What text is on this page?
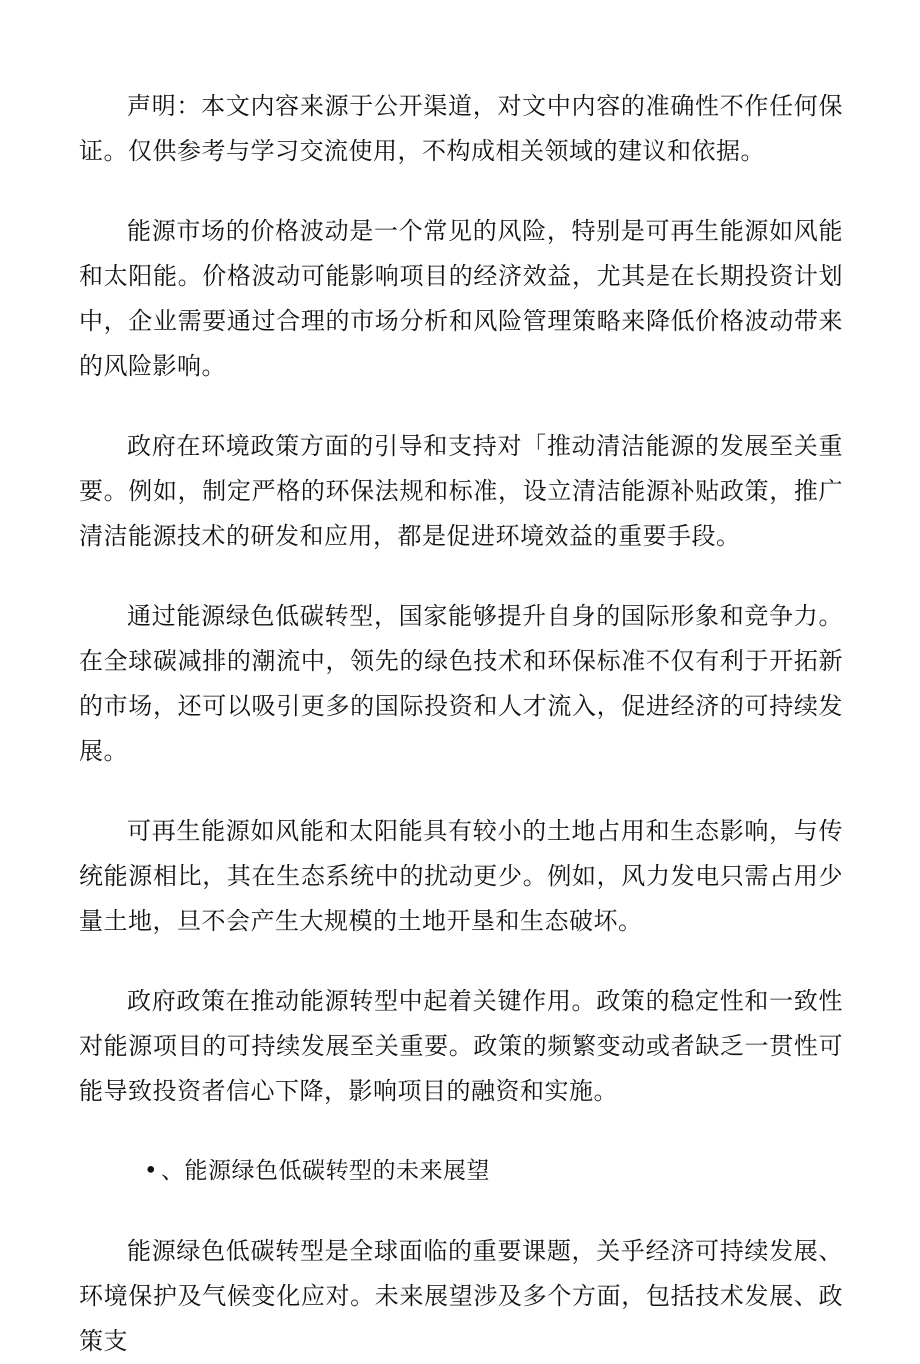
声明：本文内容来源于公开渠道，对文中内容的准确性不作任何保证。仅供参考与学习交流使用，不构成相关领域的建议和依据。

能源市场的价格波动是一个常见的风险，特别是可再生能源如风能和太阳能。价格波动可能影响项目的经济效益，尤其是在长期投资计划中，企业需要通过合理的市场分析和风险管理策略来降低价格波动带来的风险影响。

政府在环境政策方面的引导和支持对「推动清洁能源的发展至关重要。例如，制定严格的环保法规和标准，设立清洁能源补贴政策，推广清洁能源技术的研发和应用，都是促进环境效益的重要手段。

通过能源绿色低碳转型，国家能够提升自身的国际形象和竞争力。在全球碳减排的潮流中，领先的绿色技术和环保标准不仅有利于开拓新的市场，还可以吸引更多的国际投资和人才流入，促进经济的可持续发展。

可再生能源如风能和太阳能具有较小的土地占用和生态影响，与传统能源相比，其在生态系统中的扰动更少。例如，风力发电只需占用少量土地，旦不会产生大规模的土地开垦和生态破坏。

政府政策在推动能源转型中起着关键作用。政策的稳定性和一致性对能源项目的可持续发展至关重要。政策的频繁变动或者缺乏一贯性可能导致投资者信心下降，影响项目的融资和实施。

• 、能源绿色低碳转型的未来展望

能源绿色低碳转型是全球面临的重要课题，关乎经济可持续发展、环境保护及气候变化应对。未来展望涉及多个方面，包括技术发展、政策支
